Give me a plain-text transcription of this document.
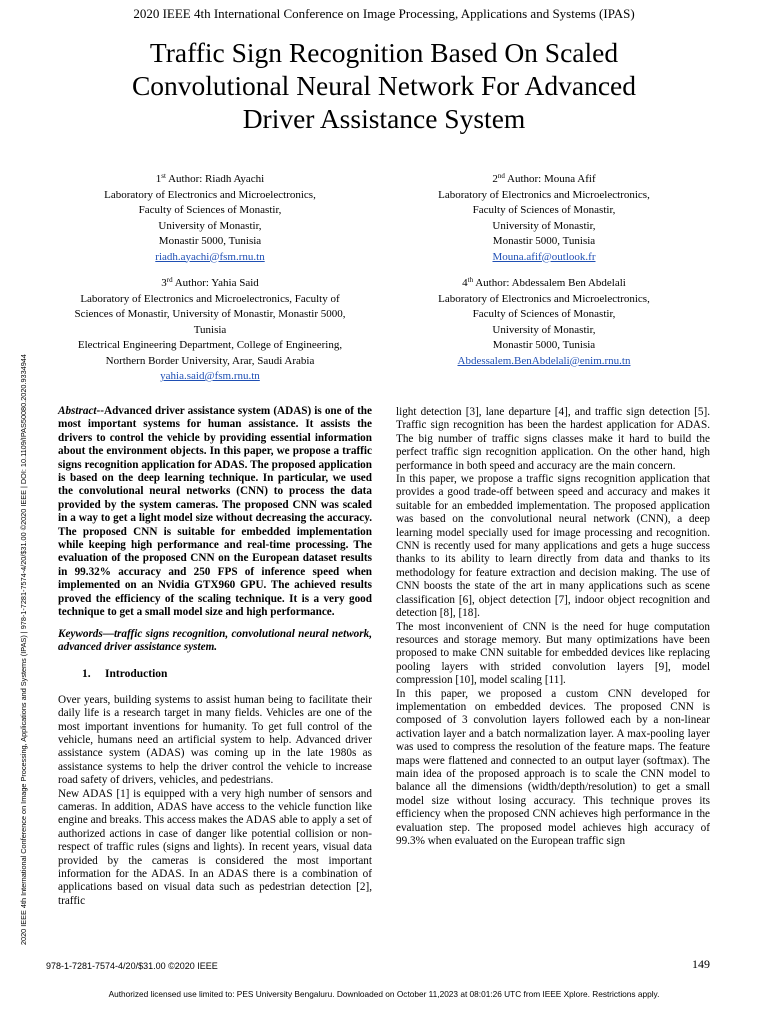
2020 IEEE 4th International Conference on Image Processing, Applications and Systems (IPAS)
Traffic Sign Recognition Based On Scaled
Convolutional Neural Network For Advanced
Driver Assistance System
1st Author: Riadh Ayachi
Laboratory of Electronics and Microelectronics,
Faculty of Sciences of Monastir,
University of Monastir,
Monastir 5000, Tunisia
riadh.ayachi@fsm.rnu.tn
2nd Author: Mouna Afif
Laboratory of Electronics and Microelectronics,
Faculty of Sciences of Monastir,
University of Monastir,
Monastir 5000, Tunisia
Mouna.afif@outlook.fr
3rd Author: Yahia Said
Laboratory of Electronics and Microelectronics, Faculty of
Sciences of Monastir, University of Monastir, Monastir 5000,
Tunisia
Electrical Engineering Department, College of Engineering,
Northern Border University, Arar, Saudi Arabia
yahia.said@fsm.rnu.tn
4th Author: Abdessalem Ben Abdelali
Laboratory of Electronics and Microelectronics,
Faculty of Sciences of Monastir,
University of Monastir,
Monastir 5000, Tunisia
Abdessalem.BenAbdelali@enim.rnu.tn

Abstract--Advanced driver assistance system (ADAS) is one of the most important systems for human assistance. It assists the drivers to control the vehicle by providing essential information about the environment objects. In this paper, we propose a traffic signs recognition application for ADAS. The proposed application is based on the deep learning technique. In particular, we used the convolutional neural networks (CNN) to process the data provided by the system cameras. The proposed CNN was scaled in a way to get a light model size without decreasing the accuracy. The proposed CNN is suitable for embedded implementation while keeping high performance and real-time processing. The evaluation of the proposed CNN on the European dataset results in 99.32% accuracy and 250 FPS of inference speed when implemented on an Nvidia GTX960 GPU. The achieved results proved the efficiency of the scaling technique. It is a very good technique to get a small model size and high performance.

Keywords—traffic signs recognition, convolutional neural network, advanced driver assistance system.

1. Introduction

Over years, building systems to assist human being to facilitate their daily life is a research target in many fields. Vehicles are one of the most important inventions for humanity. To get full control of the vehicle, humans need an artificial system to help. Advanced driver assistance system (ADAS) was coming up in the late 1980s as assistance systems to help the driver control the vehicle to increase road safety of drivers, vehicles, and pedestrians.

New ADAS [1] is equipped with a very high number of sensors and cameras. In addition, ADAS have access to the vehicle function like engine and breaks. This access makes the ADAS able to apply a set of authorized actions in case of danger like potential collision or non-respect of traffic rules (signs and lights). In recent years, visual data provided by the cameras is considered the most important information for the ADAS. In an ADAS there is a combination of applications based on visual data such as pedestrian detection [2], traffic

light detection [3], lane departure [4], and traffic sign detection [5]. Traffic sign recognition has been the hardest application for ADAS. The big number of traffic signs classes make it hard to build the perfect traffic sign recognition application. On the other hand, high performance in both speed and accuracy are the main concern.

In this paper, we propose a traffic signs recognition application that provides a good trade-off between speed and accuracy and makes it suitable for an embedded implementation. The proposed application was based on the convolutional neural network (CNN), a deep learning model specially used for image processing and recognition. CNN is recently used for many applications and gets a huge success thanks to its ability to learn directly from data and thanks to its methodology for feature extraction and decision making. The use of CNN boosts the state of the art in many applications such as scene classification [6], object detection [7], indoor object recognition and detection [8], [18].

The most inconvenient of CNN is the need for huge computation resources and storage memory. But many optimizations have been proposed to make CNN suitable for embedded devices like replacing pooling layers with strided convolution layers [9], model compression [10], model scaling [11].

In this paper, we proposed a custom CNN developed for implementation on embedded devices. The proposed CNN is composed of 3 convolution layers followed each by a non-linear activation layer and a batch normalization layer. A max-pooling layer was used to compress the resolution of the feature maps. The feature maps were flattened and connected to an output layer (softmax). The main idea of the proposed approach is to scale the CNN model to balance all the dimensions (width/depth/resolution) to get a small model size without losing accuracy. This technique proves its efficiency when the proposed CNN achieves high performance in the evaluation step. The proposed model achieves high accuracy of 99.3% when evaluated on the European traffic sign

2020 IEEE 4th International Conference on Image Processing, Applications and Systems (IPAS) | 978-1-7281-7574-4/20/$31.00 ©2020 IEEE | DOI: 10.1109/IPAS50080.2020.9334944
978-1-7281-7574-4/20/$31.00 ©2020 IEEE	149
Authorized licensed use limited to: PES University Bengaluru. Downloaded on October 11,2023 at 08:01:26 UTC from IEEE Xplore. Restrictions apply.
